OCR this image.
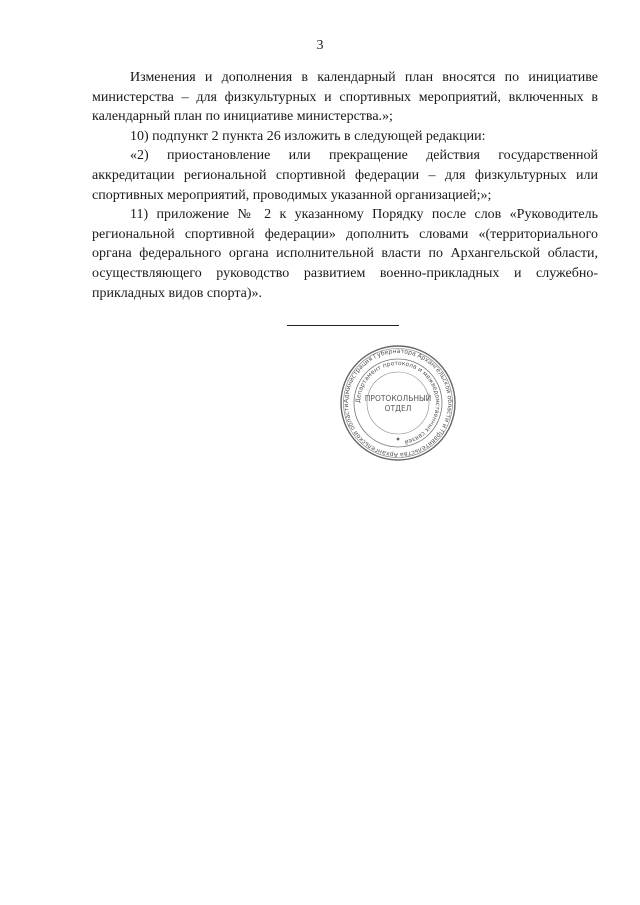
3

Изменения и дополнения в календарный план вносятся по инициативе министерства – для физкультурных и спортивных мероприятий, включенных в календарный план по инициативе министерства.»;

10) подпункт 2 пункта 26 изложить в следующей редакции:

«2) приостановление или прекращение действия государственной аккредитации региональной спортивной федерации – для физкультурных или спортивных мероприятий, проводимых указанной организацией;»;

11) приложение № 2 к указанному Порядку после слов «Руководитель региональной спортивной федерации» дополнить словами «(территориального органа федерального органа исполнительной власти по Архангельской области, осуществляющего руководство развитием военно-прикладных и служебно-прикладных видов спорта)».

Администрация Губернатора Архангельской области и Правительства Архангельской области
Департамент протокола и межведомственных связей
ПРОТОКОЛЬНЫЙ
ОТДЕЛ
